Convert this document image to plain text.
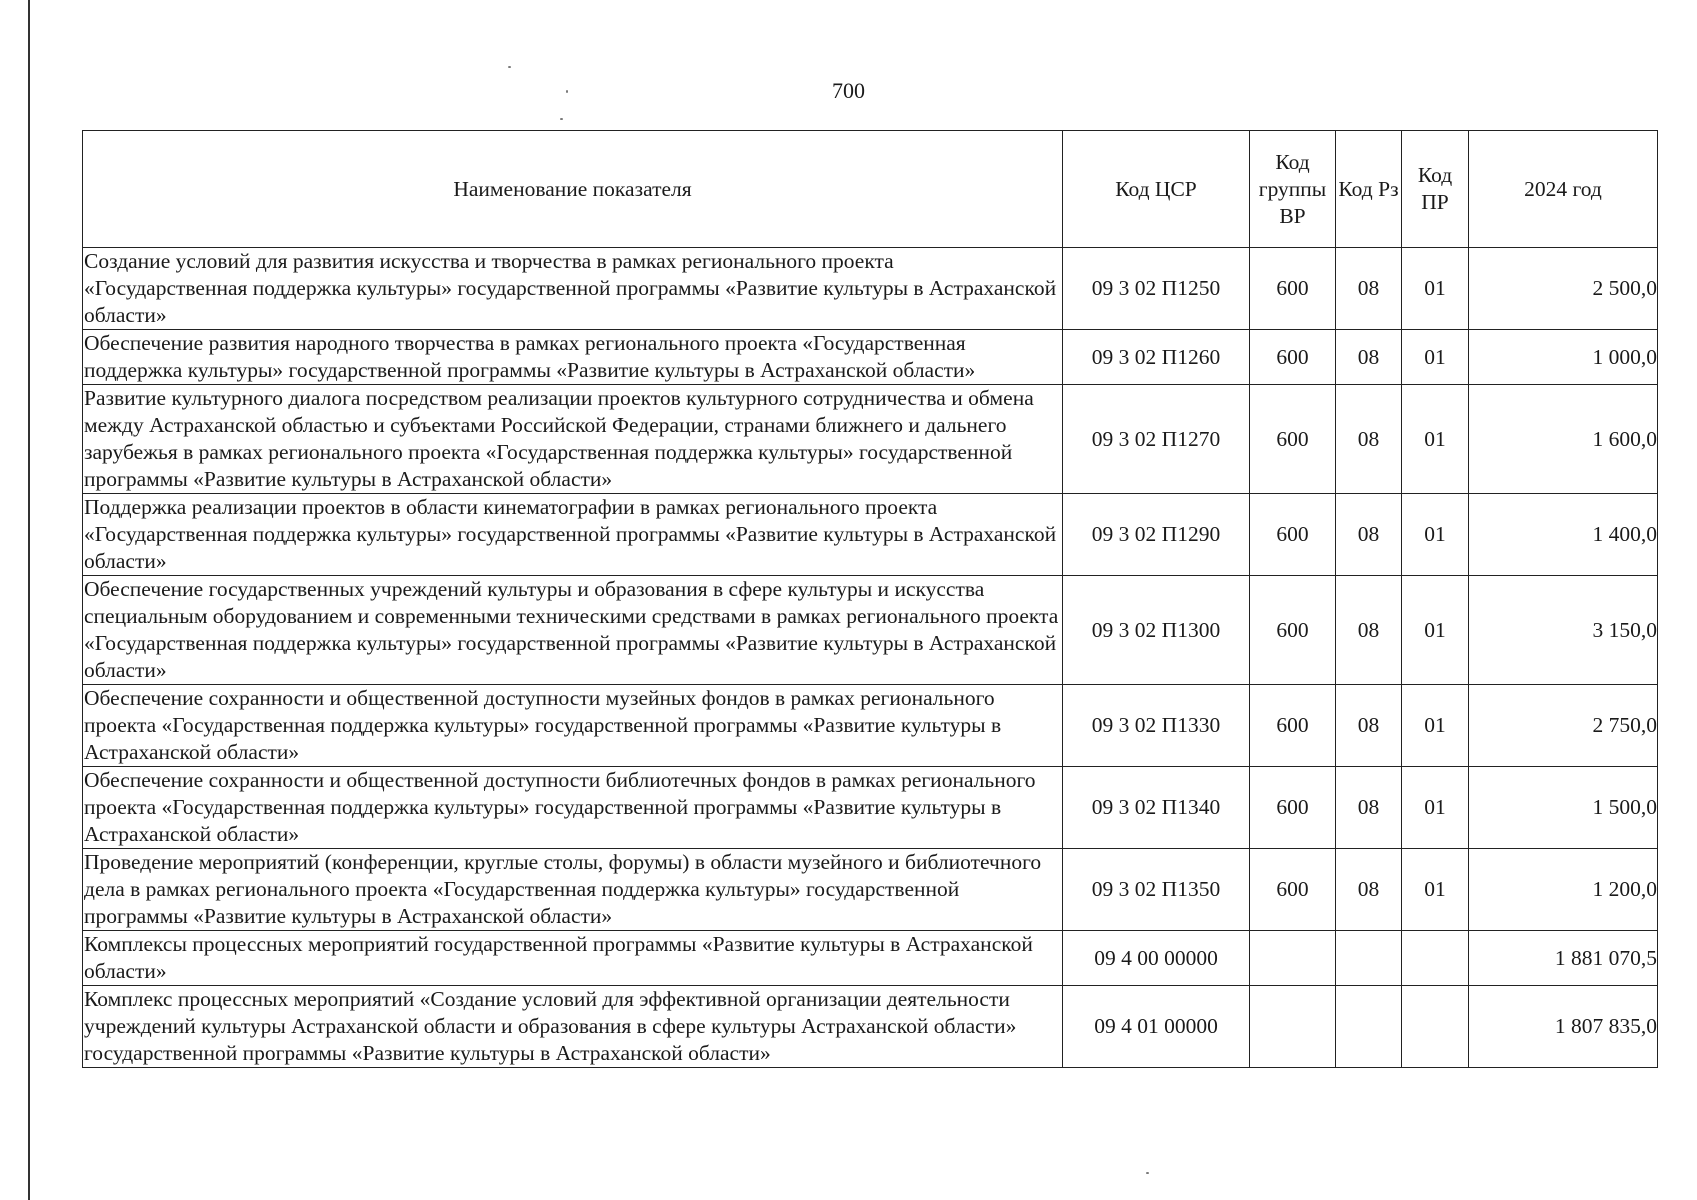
700
Наименование показателя	Код ЦСР	Код группы ВР	Код Рз	Код ПР	2024 год
Создание условий для развития искусства и творчества в рамках регионального проекта «Государственная поддержка культуры» государственной программы «Развитие культуры в Астраханской области»	09 3 02 П1250	600	08	01	2 500,0
Обеспечение развития народного творчества в рамках регионального проекта «Государственная поддержка культуры» государственной программы «Развитие культуры в Астраханской области»	09 3 02 П1260	600	08	01	1 000,0
Развитие культурного диалога посредством реализации проектов культурного сотрудничества и обмена между Астраханской областью и субъектами Российской Федерации, странами ближнего и дальнего зарубежья в рамках регионального проекта «Государственная поддержка культуры» государственной программы «Развитие культуры в Астраханской области»	09 3 02 П1270	600	08	01	1 600,0
Поддержка реализации проектов в области кинематографии в рамках регионального проекта «Государственная поддержка культуры» государственной программы «Развитие культуры в Астраханской области»	09 3 02 П1290	600	08	01	1 400,0
Обеспечение государственных учреждений культуры и образования в сфере культуры и искусства специальным оборудованием и современными техническими средствами в рамках регионального проекта «Государственная поддержка культуры» государственной программы «Развитие культуры в Астраханской области»	09 3 02 П1300	600	08	01	3 150,0
Обеспечение сохранности и общественной доступности музейных фондов в рамках регионального проекта «Государственная поддержка культуры» государственной программы «Развитие культуры в Астраханской области»	09 3 02 П1330	600	08	01	2 750,0
Обеспечение сохранности и общественной доступности библиотечных фондов в рамках регионального проекта «Государственная поддержка культуры» государственной программы «Развитие культуры в Астраханской области»	09 3 02 П1340	600	08	01	1 500,0
Проведение мероприятий (конференции, круглые столы, форумы) в области музейного и библиотечного дела в рамках регионального проекта «Государственная поддержка культуры» государственной программы «Развитие культуры в Астраханской области»	09 3 02 П1350	600	08	01	1 200,0
Комплексы процессных мероприятий государственной программы «Развитие культуры в Астраханской области»	09 4 00 00000				1 881 070,5
Комплекс процессных мероприятий «Создание условий для эффективной организации деятельности учреждений культуры Астраханской области и образования в сфере культуры Астраханской области» государственной программы «Развитие культуры в Астраханской области»	09 4 01 00000				1 807 835,0
